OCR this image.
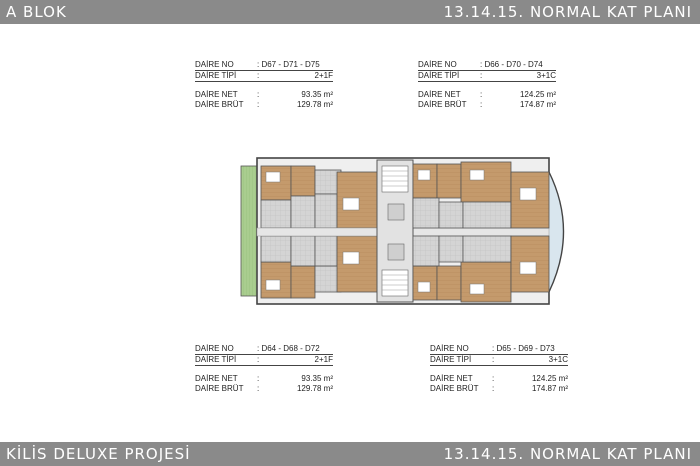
A BLOK	13.14.15. NORMAL KAT PLANI
DAİRE NO	: D67 - D71 - D75
DAİRE TİPİ	:	2+1F
DAİRE NET :	93.35 m²
DAİRE BRÜT :	129.78 m²
DAİRE NO	: D66 - D70 - D74
DAİRE TİPİ	:	3+1C
DAİRE NET :	124.25 m²
DAİRE BRÜT :	174.87 m²
DAİRE NO	: D64 - D68 - D72
DAİRE TİPİ	:	2+1F
DAİRE NET :	93.35 m²
DAİRE BRÜT :	129.78 m²
DAİRE NO	: D65 - D69 - D73
DAİRE TİPİ	:	3+1C
DAİRE NET :	124.25 m²
DAİRE BRÜT :	174.87 m²
KİLİS DELUXE PROJESİ	13.14.15. NORMAL KAT PLANI
